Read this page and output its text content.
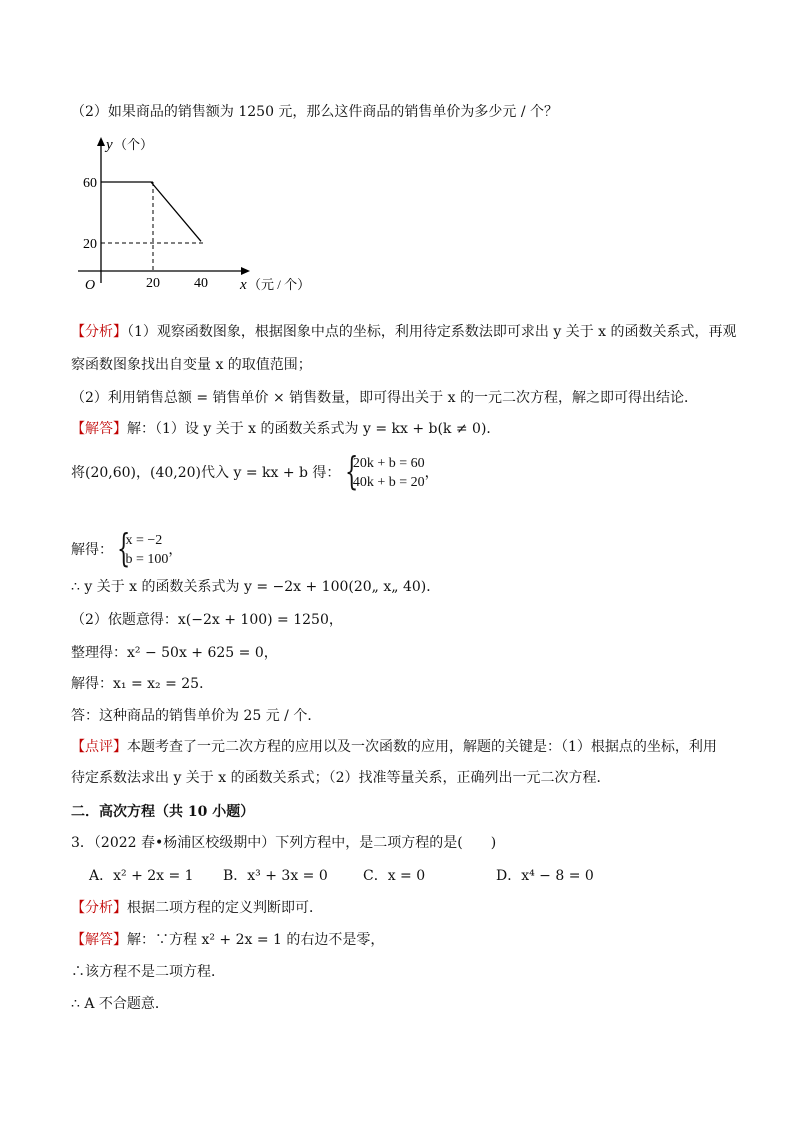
（2）如果商品的销售额为 1250 元，那么这件商品的销售单价为多少元 / 个？
y （个）
60
20
O	20 40 x （元 / 个）
【分析】（1）观察函数图象，根据图象中点的坐标，利用待定系数法即可求出 y 关于 x 的函数关系式，再观
察函数图象找出自变量 x 的取值范围；
（2）利用销售总额 = 销售单价 × 销售数量，即可得出关于 x 的一元二次方程，解之即可得出结论．
【解答】解：（1）设 y 关于 x 的函数关系式为 y = kx + b(k ≠ 0)．
将(20,60)，(40,20)代入 y = kx + b 得： {
20k + b = 60
40k + b = 20
，
解得： {
x = −2
b = 100
，
∴ y 关于 x 的函数关系式为 y = −2x + 100(20„ x„ 40)．
（2）依题意得：x(−2x + 100) = 1250，
整理得：x² − 50x + 625 = 0，
解得：x₁ = x₂ = 25．
答：这种商品的销售单价为 25 元 / 个．
【点评】本题考查了一元二次方程的应用以及一次函数的应用，解题的关键是：（1）根据点的坐标，利用
待定系数法求出 y 关于 x 的函数关系式；（2）找准等量关系，正确列出一元二次方程．
二．高次方程（共 10 小题）
3．（2022 春•杨浦区校级期中）下列方程中，是二项方程的是(　　)
A．x² + 2x = 1 B．x³ + 3x = 0	C．x = 0	D．x⁴ − 8 = 0
【分析】根据二项方程的定义判断即可．
【解答】解：∵方程 x² + 2x = 1 的右边不是零，
∴该方程不是二项方程．
∴ A 不合题意．
